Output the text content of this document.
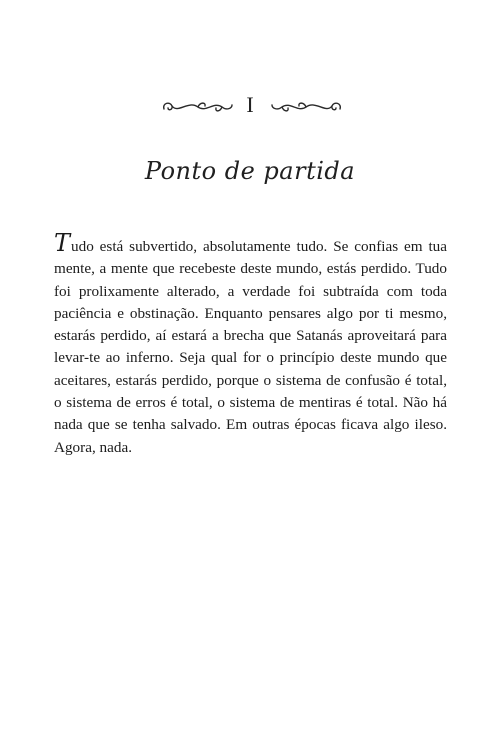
I
Ponto de partida
Tudo está subvertido, absolutamente tudo. Se confias em tua mente, a mente que recebeste deste mundo, estás perdido. Tudo foi prolixamente alterado, a verdade foi subtraída com toda paciência e obstinação. Enquanto pensares algo por ti mesmo, estarás perdido, aí estará a brecha que Satanás aproveitará para levar-te ao inferno. Seja qual for o princípio deste mundo que aceitares, estarás perdido, porque o sistema de confusão é total, o sistema de erros é total, o sistema de mentiras é total. Não há nada que se tenha salvado. Em outras épocas ficava algo ileso. Agora, nada.
